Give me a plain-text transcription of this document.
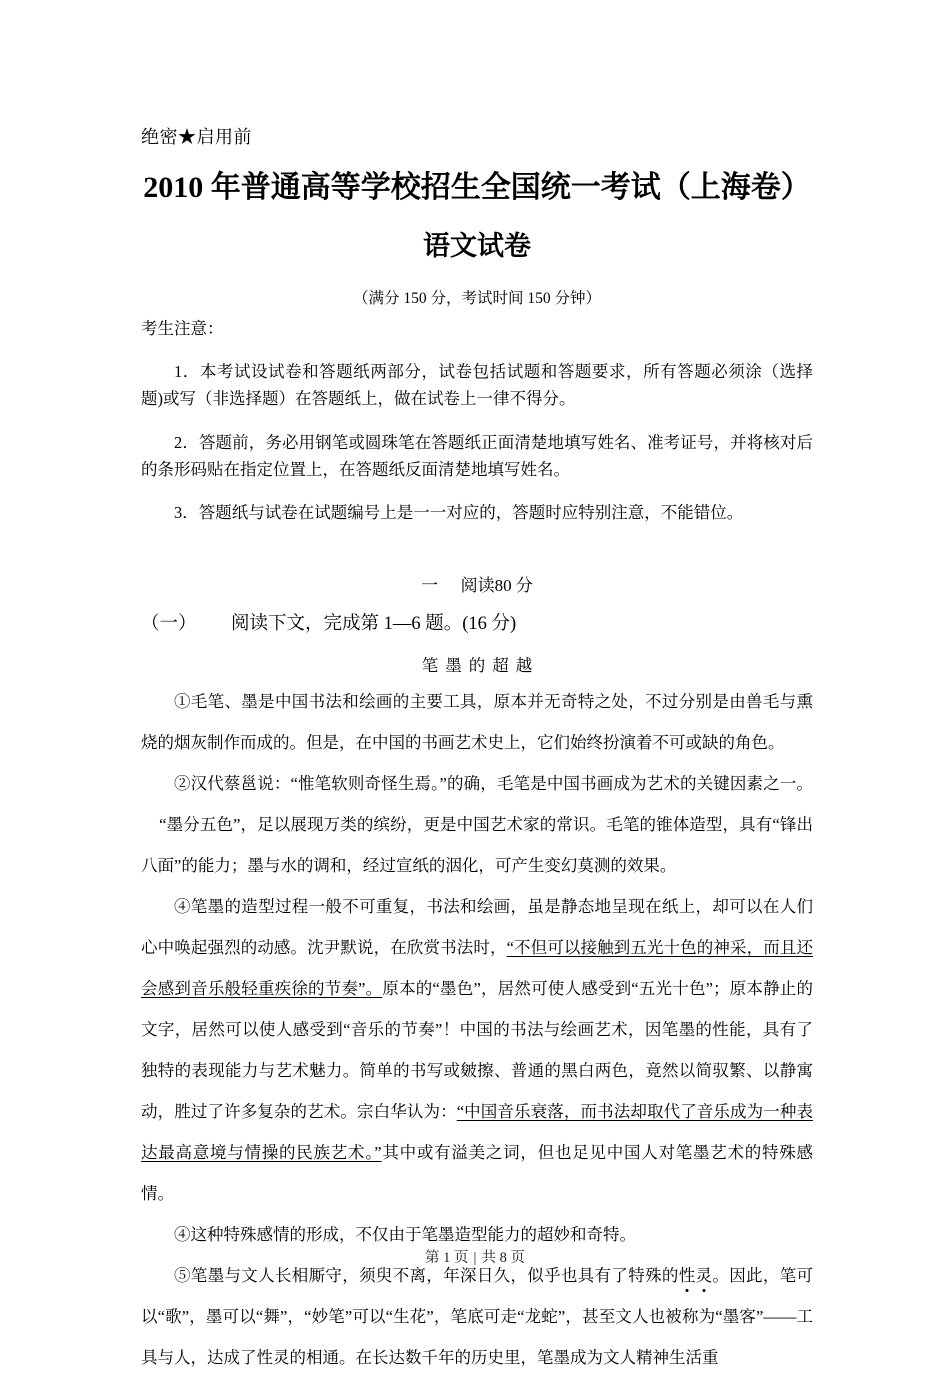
绝密★启用前
2010 年普通高等学校招生全国统一考试（上海卷）
语文试卷
（满分 150 分，考试时间 150 分钟）
考生注意：

1．本考试设试卷和答题纸两部分，试卷包括试题和答题要求，所有答题必须涂（选择题)或写（非选择题）在答题纸上，做在试卷上一律不得分。

2．答题前，务必用钢笔或圆珠笔在答题纸正面清楚地填写姓名、准考证号，并将核对后的条形码贴在指定位置上，在答题纸反面清楚地填写姓名。

3．答题纸与试卷在试题编号上是一一对应的，答题时应特别注意，不能错位。

一 阅读80 分
（一） 阅读下文，完成第 1—6 题。(16 分)
笔墨的超越

①毛笔、墨是中国书法和绘画的主要工具，原本并无奇特之处，不过分别是由兽毛与熏烧的烟灰制作而成的。但是，在中国的书画艺术史上，它们始终扮演着不可或缺的角色。

②汉代蔡邕说：“惟笔软则奇怪生焉。”的确，毛笔是中国书画成为艺术的关键因素之一。“墨分五色”，足以展现万类的缤纷，更是中国艺术家的常识。毛笔的锥体造型，具有“锋出八面”的能力；墨与水的调和，经过宣纸的洇化，可产生变幻莫测的效果。

④笔墨的造型过程一般不可重复，书法和绘画，虽是静态地呈现在纸上，却可以在人们心中唤起强烈的动感。沈尹默说，在欣赏书法时，“不但可以接触到五光十色的神采，而且还会感到音乐般轻重疾徐的节奏”。原本的“墨色”，居然可使人感受到“五光十色”；原本静止的文字，居然可以使人感受到“音乐的节奏”！中国的书法与绘画艺术，因笔墨的性能，具有了独特的表现能力与艺术魅力。简单的书写或皴擦、普通的黑白两色，竟然以简驭繁、以静寓动，胜过了许多复杂的艺术。宗白华认为：“中国音乐衰落，而书法却取代了音乐成为一种表达最高意境与情操的民族艺术。”其中或有溢美之词，但也足见中国人对笔墨艺术的特殊感情。

④这种特殊感情的形成，不仅由于笔墨造型能力的超妙和奇特。

⑤笔墨与文人长相厮守，须臾不离，年深日久，似乎也具有了特殊的性灵。因此，笔可以“歌”，墨可以“舞”，“妙笔”可以“生花”，笔底可走“龙蛇”，甚至文人也被称为“墨客”——工具与人，达成了性灵的相通。在长达数千年的历史里，笔墨成为文人精神生活重

第 1 页 | 共 8 页
